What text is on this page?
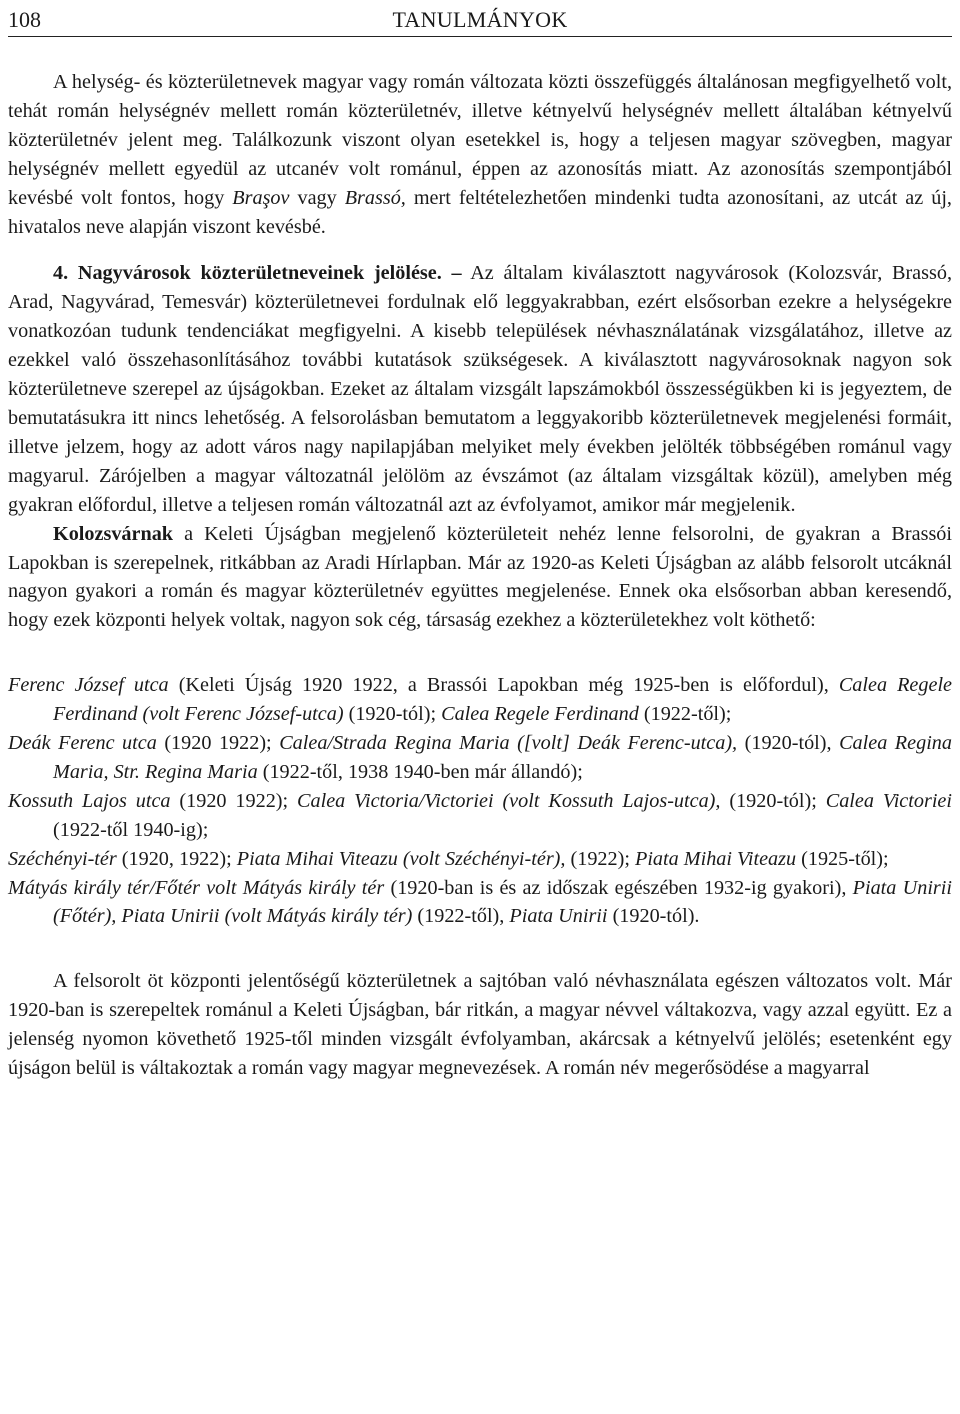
108	TANULMÁNYOK

A helység- és közterületnevek magyar vagy román változata közti összefüggés általánosan megfigyelhető volt, tehát román helységnév mellett román közterületnév, illetve kétnyelvű helységnév mellett általában kétnyelvű közterületnév jelent meg. Találkozunk viszont olyan esetekkel is, hogy a teljesen magyar szövegben, magyar helységnév mellett egyedül az utcanév volt románul, éppen az azonosítás miatt. Az azonosítás szempontjából kevésbé volt fontos, hogy Braşov vagy Brassó, mert feltételezhetően mindenki tudta azonosítani, az utcát az új, hivatalos neve alapján viszont kevésbé.

4. Nagyvárosok közterületneveinek jelölése. – Az általam kiválasztott nagyvárosok (Kolozsvár, Brassó, Arad, Nagyvárad, Temesvár) közterületnevei fordulnak elő leggyakrabban, ezért elsősorban ezekre a helységekre vonatkozóan tudunk tendenciákat megfigyelni. A kisebb települések névhasználatának vizsgálatához, illetve az ezekkel való összehasonlításához további kutatások szükségesek. A kiválasztott nagyvárosoknak nagyon sok közterületneve szerepel az újságokban. Ezeket az általam vizsgált lapszámokból összességükben ki is jegyeztem, de bemutatásukra itt nincs lehetőség. A felsorolásban bemutatom a leggyakoribb közterületnevek megjelenési formáit, illetve jelzem, hogy az adott város nagy napilapjában melyiket mely években jelölték többségében románul vagy magyarul. Zárójelben a magyar változatnál jelölöm az évszámot (az általam vizsgáltak közül), amelyben még gyakran előfordul, illetve a teljesen román változatnál azt az évfolyamot, amikor már megjelenik.

Kolozsvárnak a Keleti Újságban megjelenő közterületeit nehéz lenne felsorolni, de gyakran a Brassói Lapokban is szerepelnek, ritkábban az Aradi Hírlapban. Már az 1920-as Keleti Újságban az alább felsorolt utcáknál nagyon gyakori a román és magyar közterületnév együttes megjelenése. Ennek oka elsősorban abban keresendő, hogy ezek központi helyek voltak, nagyon sok cég, társaság ezekhez a közterületekhez volt köthető:

Ferenc József utca (Keleti Újság 1920 1922, a Brassói Lapokban még 1925-ben is előfordul), Calea Regele Ferdinand (volt Ferenc József-utca) (1920-tól); Calea Regele Ferdinand (1922-től);
Deák Ferenc utca (1920 1922); Calea/Strada Regina Maria ([volt] Deák Ferenc-utca), (1920-tól), Calea Regina Maria, Str. Regina Maria (1922-től, 1938 1940-ben már állandó);
Kossuth Lajos utca (1920 1922); Calea Victoria/Victoriei (volt Kossuth Lajos-utca), (1920-tól); Calea Victoriei (1922-től 1940-ig);
Széchényi-tér (1920, 1922); Piata Mihai Viteazu (volt Széchényi-tér), (1922); Piata Mihai Viteazu (1925-től);
Mátyás király tér/Főtér volt Mátyás király tér (1920-ban is és az időszak egészében 1932-ig gyakori), Piata Unirii (Főtér), Piata Unirii (volt Mátyás király tér) (1922-től), Piata Unirii (1920-tól).

A felsorolt öt központi jelentőségű közterületnek a sajtóban való névhasználata egészen változatos volt. Már 1920-ban is szerepeltek románul a Keleti Újságban, bár ritkán, a magyar névvel váltakozva, vagy azzal együtt. Ez a jelenség nyomon követhető 1925-től minden vizsgált évfolyamban, akárcsak a kétnyelvű jelölés; esetenként egy újságon belül is váltakoztak a román vagy magyar megnevezések. A román név megerősödése a magyarral
